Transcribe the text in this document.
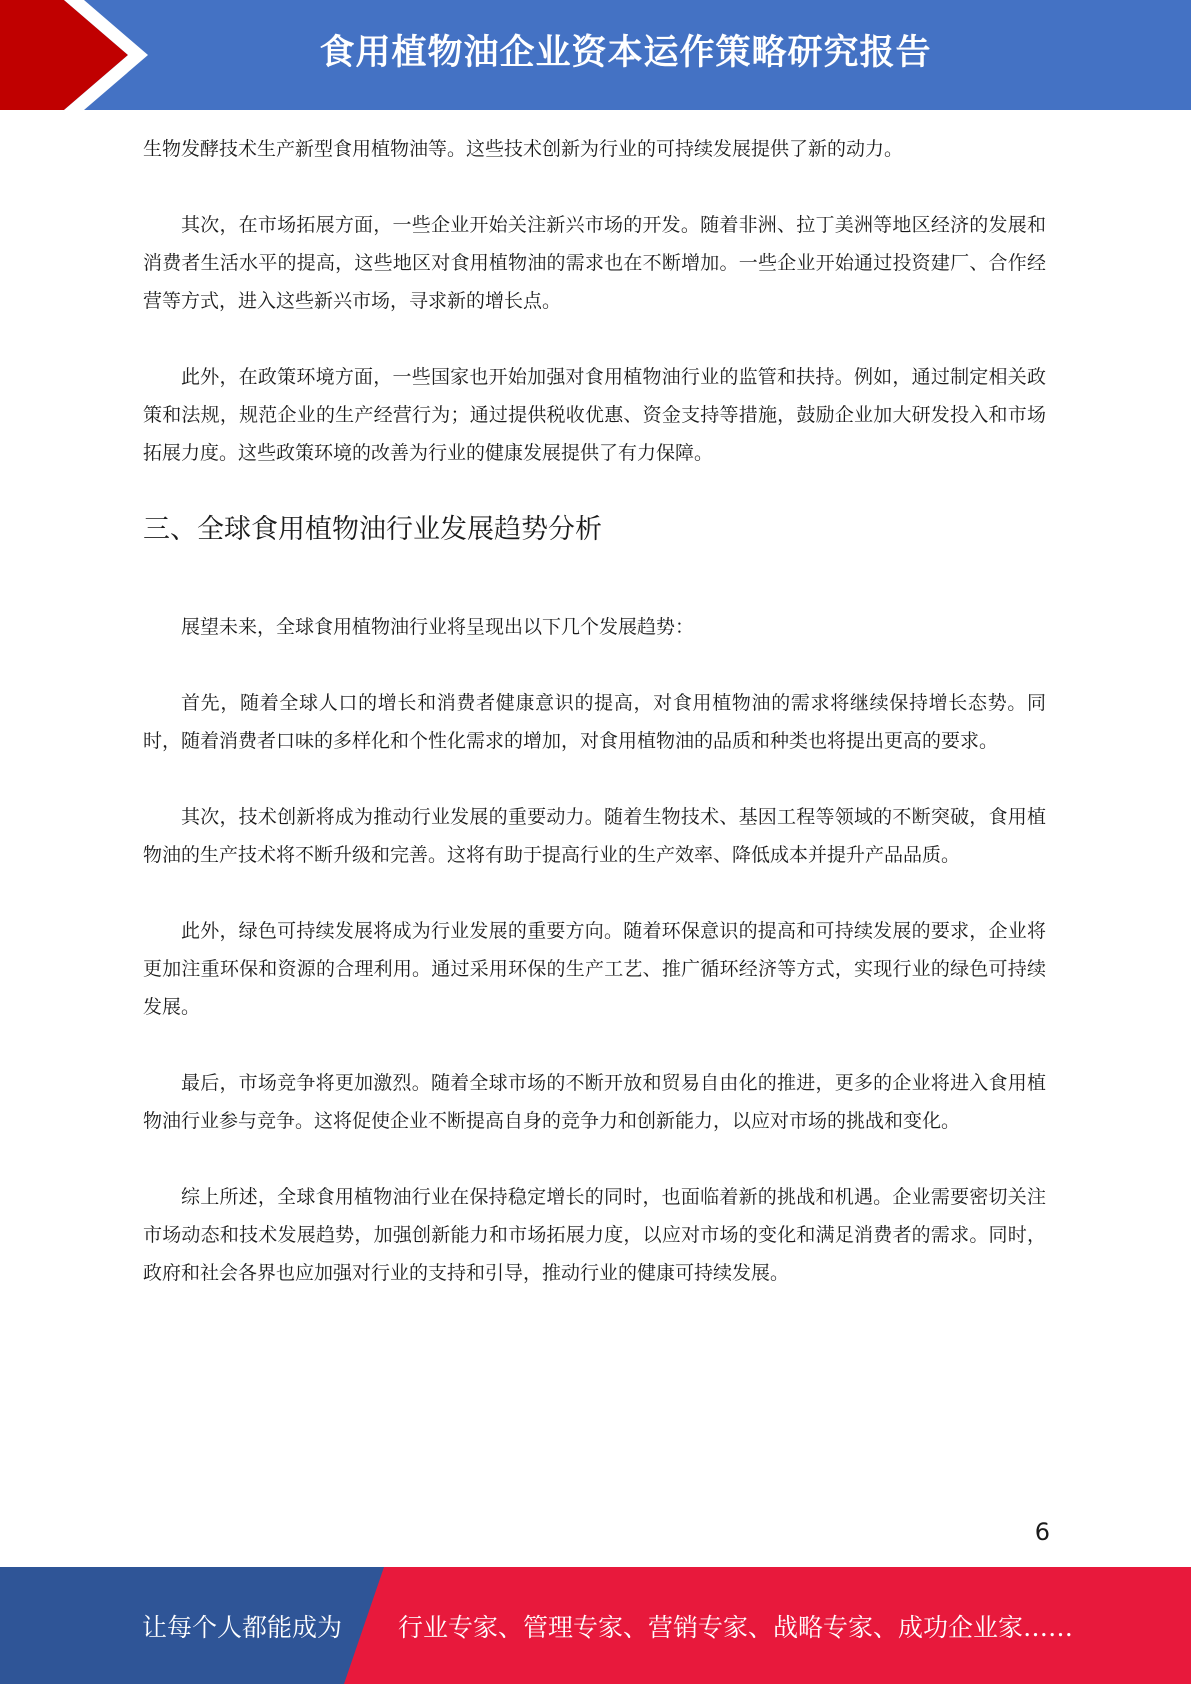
食用植物油企业资本运作策略研究报告

生物发酵技术生产新型食用植物油等。这些技术创新为行业的可持续发展提供了新的动力。

其次，在市场拓展方面，一些企业开始关注新兴市场的开发。随着非洲、拉丁美洲等地区经济的发展和消费者生活水平的提高，这些地区对食用植物油的需求也在不断增加。一些企业开始通过投资建厂、合作经营等方式，进入这些新兴市场，寻求新的增长点。

此外，在政策环境方面，一些国家也开始加强对食用植物油行业的监管和扶持。例如，通过制定相关政策和法规，规范企业的生产经营行为；通过提供税收优惠、资金支持等措施，鼓励企业加大研发投入和市场拓展力度。这些政策环境的改善为行业的健康发展提供了有力保障。

三、全球食用植物油行业发展趋势分析

展望未来，全球食用植物油行业将呈现出以下几个发展趋势：

首先，随着全球人口的增长和消费者健康意识的提高，对食用植物油的需求将继续保持增长态势。同时，随着消费者口味的多样化和个性化需求的增加，对食用植物油的品质和种类也将提出更高的要求。

其次，技术创新将成为推动行业发展的重要动力。随着生物技术、基因工程等领域的不断突破，食用植物油的生产技术将不断升级和完善。这将有助于提高行业的生产效率、降低成本并提升产品品质。

此外，绿色可持续发展将成为行业发展的重要方向。随着环保意识的提高和可持续发展的要求，企业将更加注重环保和资源的合理利用。通过采用环保的生产工艺、推广循环经济等方式，实现行业的绿色可持续发展。

最后，市场竞争将更加激烈。随着全球市场的不断开放和贸易自由化的推进，更多的企业将进入食用植物油行业参与竞争。这将促使企业不断提高自身的竞争力和创新能力，以应对市场的挑战和变化。

综上所述，全球食用植物油行业在保持稳定增长的同时，也面临着新的挑战和机遇。企业需要密切关注市场动态和技术发展趋势，加强创新能力和市场拓展力度，以应对市场的变化和满足消费者的需求。同时，政府和社会各界也应加强对行业的支持和引导，推动行业的健康可持续发展。

6
让每个人都能成为 行业专家、管理专家、营销专家、战略专家、成功企业家……
